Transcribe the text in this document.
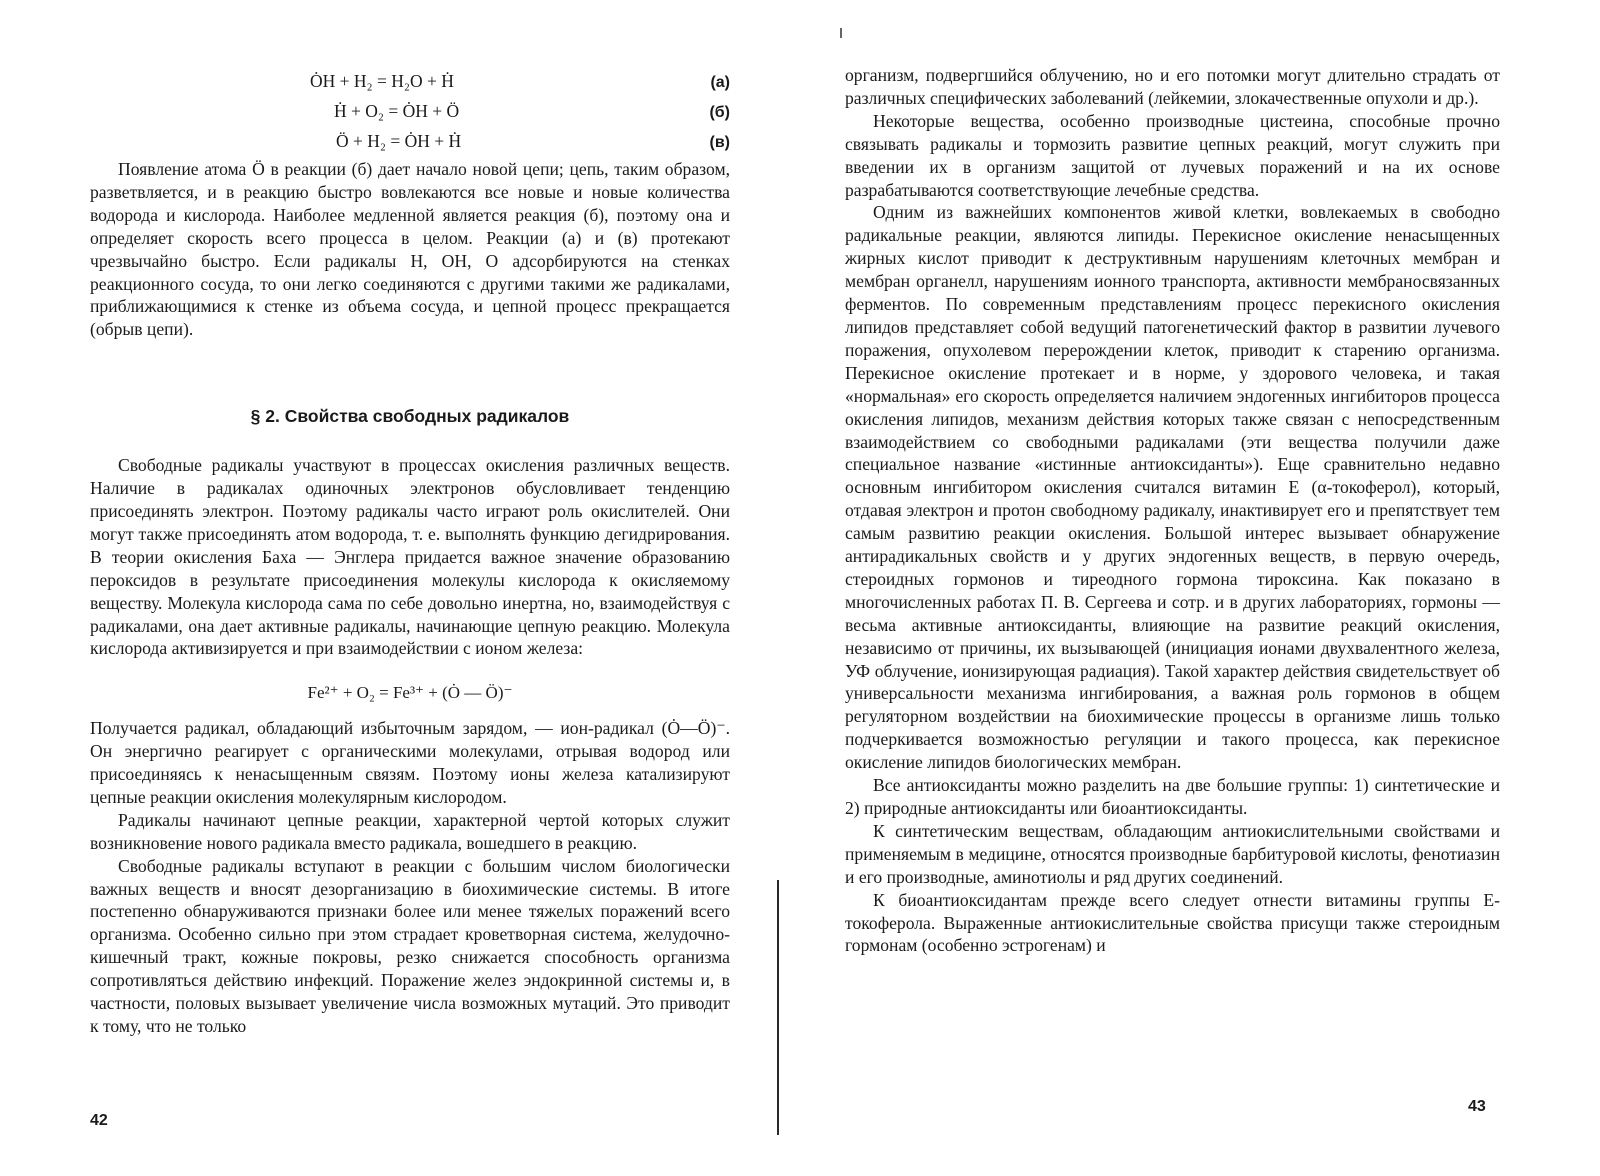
ȮH + H₂ = H₂O + Ḣ	(а)
Ḣ + O₂ = ȮH + Ö	(б)
Ö + H₂ = ȮH + Ḣ	(в)

Появление атома Ö в реакции (б) дает начало новой цепи; цепь, таким образом, разветвляется, и в реакцию быстро вовлекаются все новые и новые количества водорода и кислорода. Наиболее медленной является реакция (б), поэтому она и определяет скорость всего процесса в целом. Реакции (а) и (в) протекают чрезвычайно быстро. Если радикалы H, OH, O адсорбируются на стенках реакционного сосуда, то они легко соединяются с другими такими же радикалами, приближающимися к стенке из объема сосуда, и цепной процесс прекращается (обрыв цепи).

§ 2. Свойства свободных радикалов

Свободные радикалы участвуют в процессах окисления различных веществ. Наличие в радикалах одиночных электронов обусловливает тенденцию присоединять электрон. Поэтому радикалы часто играют роль окислителей. Они могут также присоединять атом водорода, т. е. выполнять функцию дегидрирования. В теории окисления Баха — Энглера придается важное значение образованию пероксидов в результате присоединения молекулы кислорода к окисляемому веществу. Молекула кислорода сама по себе довольно инертна, но, взаимодействуя с радикалами, она дает активные радикалы, начинающие цепную реакцию. Молекула кислорода активизируется и при взаимодействии с ионом железа:

Fe²⁺ + O₂ = Fe³⁺ + (Ȯ — Ö)⁻

Получается радикал, обладающий избыточным зарядом, — ион-радикал (Ȯ—Ö)⁻. Он энергично реагирует с органическими молекулами, отрывая водород или присоединяясь к ненасыщенным связям. Поэтому ионы железа катализируют цепные реакции окисления молекулярным кислородом.

Радикалы начинают цепные реакции, характерной чертой которых служит возникновение нового радикала вместо радикала, вошедшего в реакцию.

Свободные радикалы вступают в реакции с большим числом биологически важных веществ и вносят дезорганизацию в биохимические системы. В итоге постепенно обнаруживаются признаки более или менее тяжелых поражений всего организма. Особенно сильно при этом страдает кроветворная система, желудочно-кишечный тракт, кожные покровы, резко снижается способность организма сопротивляться действию инфекций. Поражение желез эндокринной системы и, в частности, половых вызывает увеличение числа возможных мутаций. Это приводит к тому, что не только

42

организм, подвергшийся облучению, но и его потомки могут длительно страдать от различных специфических заболеваний (лейкемии, злокачественные опухоли и др.).

Некоторые вещества, особенно производные цистеина, способные прочно связывать радикалы и тормозить развитие цепных реакций, могут служить при введении их в организм защитой от лучевых поражений и на их основе разрабатываются соответствующие лечебные средства.

Одним из важнейших компонентов живой клетки, вовлекаемых в свободно радикальные реакции, являются липиды. Перекисное окисление ненасыщенных жирных кислот приводит к деструктивным нарушениям клеточных мембран и мембран органелл, нарушениям ионного транспорта, активности мембраносвязанных ферментов. По современным представлениям процесс перекисного окисления липидов представляет собой ведущий патогенетический фактор в развитии лучевого поражения, опухолевом перерождении клеток, приводит к старению организма. Перекисное окисление протекает и в норме, у здорового человека, и такая «нормальная» его скорость определяется наличием эндогенных ингибиторов процесса окисления липидов, механизм действия которых также связан с непосредственным взаимодействием со свободными радикалами (эти вещества получили даже специальное название «истинные антиоксиданты»). Еще сравнительно недавно основным ингибитором окисления считался витамин E (α-токоферол), который, отдавая электрон и протон свободному радикалу, инактивирует его и препятствует тем самым развитию реакции окисления. Большой интерес вызывает обнаружение антирадикальных свойств и у других эндогенных веществ, в первую очередь, стероидных гормонов и тиреодного гормона тироксина. Как показано в многочисленных работах П. В. Сергеева и сотр. и в других лабораториях, гормоны — весьма активные антиоксиданты, влияющие на развитие реакций окисления, независимо от причины, их вызывающей (инициация ионами двухвалентного железа, УФ облучение, ионизирующая радиация). Такой характер действия свидетельствует об универсальности механизма ингибирования, а важная роль гормонов в общем регуляторном воздействии на биохимические процессы в организме лишь только подчеркивается возможностью регуляции и такого процесса, как перекисное окисление липидов биологических мембран.

Все антиоксиданты можно разделить на две большие группы: 1) синтетические и 2) природные антиоксиданты или биоантиоксиданты.

К синтетическим веществам, обладающим антиокислительными свойствами и применяемым в медицине, относятся производные барбитуровой кислоты, фенотиазин и его производные, аминотиолы и ряд других соединений.

К биоантиоксидантам прежде всего следует отнести витамины группы E-токоферола. Выраженные антиокислительные свойства присущи также стероидным гормонам (особенно эстрогенам) и

43
